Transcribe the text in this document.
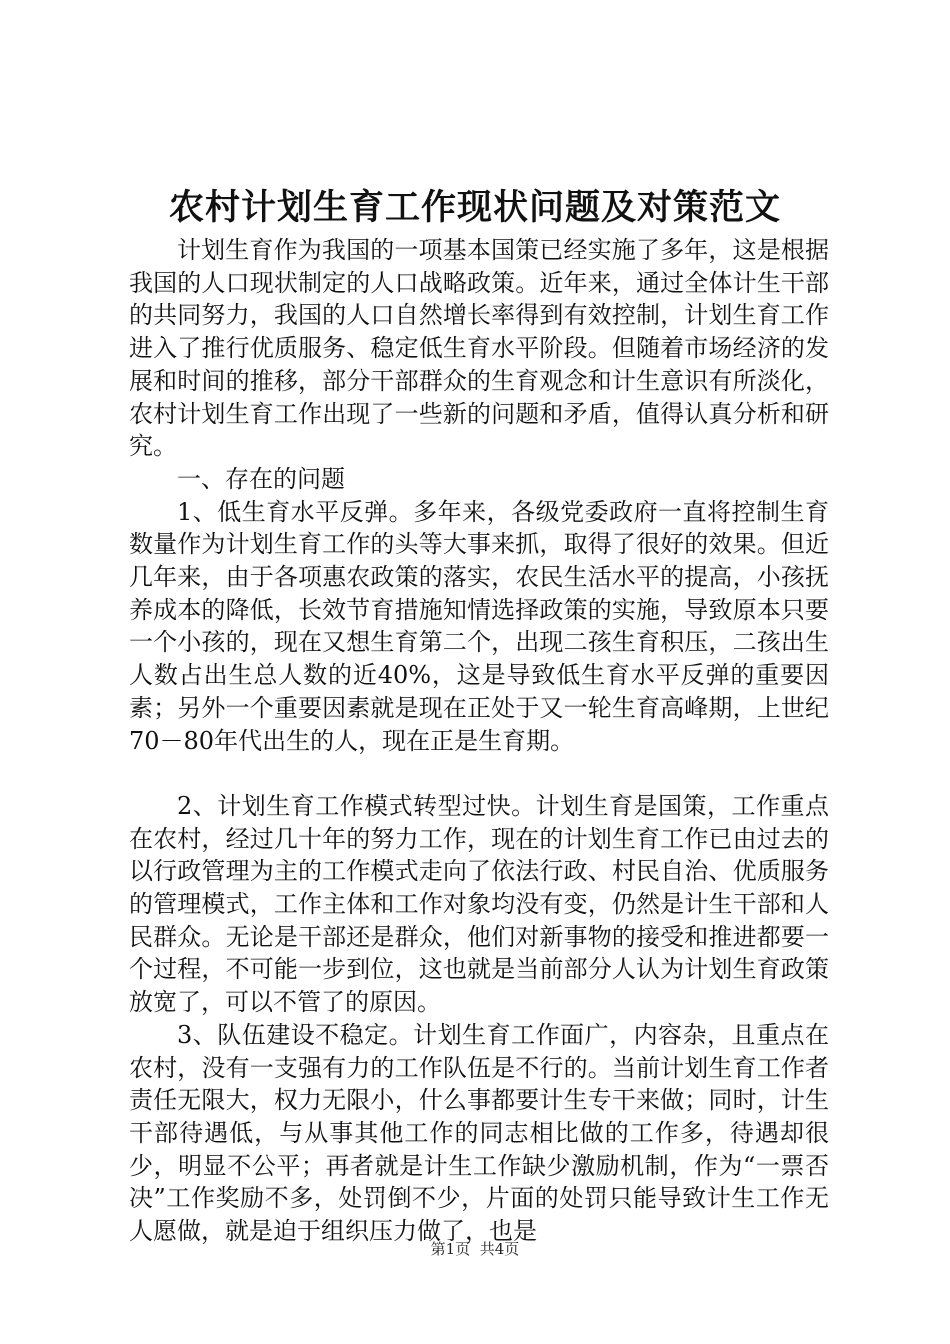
农村计划生育工作现状问题及对策范文

计划生育作为我国的一项基本国策已经实施了多年，这是根据我国的人口现状制定的人口战略政策。近年来，通过全体计生干部的共同努力，我国的人口自然增长率得到有效控制，计划生育工作进入了推行优质服务、稳定低生育水平阶段。但随着市场经济的发展和时间的推移，部分干部群众的生育观念和计生意识有所淡化，农村计划生育工作出现了一些新的问题和矛盾，值得认真分析和研究。

一、存在的问题

1、低生育水平反弹。多年来，各级党委政府一直将控制生育数量作为计划生育工作的头等大事来抓，取得了很好的效果。但近几年来，由于各项惠农政策的落实，农民生活水平的提高，小孩抚养成本的降低，长效节育措施知情选择政策的实施，导致原本只要一个小孩的，现在又想生育第二个，出现二孩生育积压，二孩出生人数占出生总人数的近40%，这是导致低生育水平反弹的重要因素；另外一个重要因素就是现在正处于又一轮生育高峰期，上世纪70－80年代出生的人，现在正是生育期。

2、计划生育工作模式转型过快。计划生育是国策，工作重点在农村，经过几十年的努力工作，现在的计划生育工作已由过去的以行政管理为主的工作模式走向了依法行政、村民自治、优质服务的管理模式，工作主体和工作对象均没有变，仍然是计生干部和人民群众。无论是干部还是群众，他们对新事物的接受和推进都要一个过程，不可能一步到位，这也就是当前部分人认为计划生育政策放宽了，可以不管了的原因。

3、队伍建设不稳定。计划生育工作面广，内容杂，且重点在农村，没有一支强有力的工作队伍是不行的。当前计划生育工作者责任无限大，权力无限小，什么事都要计生专干来做；同时，计生干部待遇低，与从事其他工作的同志相比做的工作多，待遇却很少，明显不公平；再者就是计生工作缺少激励机制，作为“一票否决”工作奖励不多，处罚倒不少，片面的处罚只能导致计生工作无人愿做，就是迫于组织压力做了，也是

第1页 共4页
